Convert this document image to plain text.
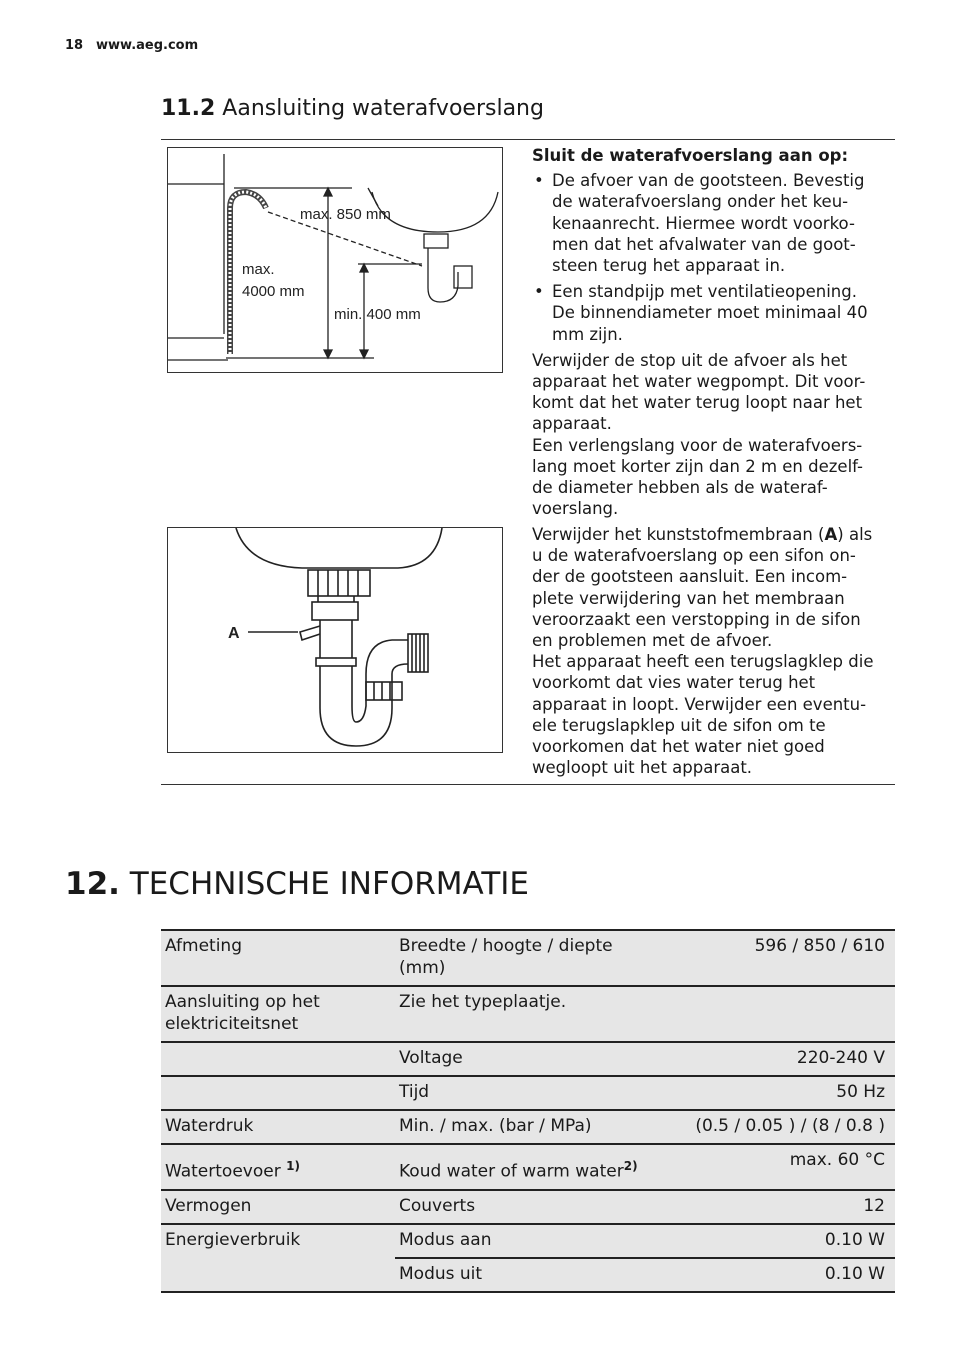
18 www.aeg.com
11.2 Aansluiting waterafvoerslang
max. 850 mm
max.
4000 mm
min. 400 mm

Sluit de waterafvoerslang aan op:

• De afvoer van de gootsteen. Bevestig de waterafvoerslang onder het keu-kenaanrecht. Hiermee wordt voorko-men dat het afvalwater van de goot-steen terug het apparaat in.
• Een standpijp met ventilatieopening. De binnendiameter moet minimaal 40 mm zijn.

Verwijder de stop uit de afvoer als het apparaat het water wegpompt. Dit voor-komt dat het water terug loopt naar het apparaat.

Een verlengslang voor de waterafvoers-lang moet korter zijn dan 2 m en dezelf-de diameter hebben als de wateraf-voerslang.

A

Verwijder het kunststofmembraan (A) als u de waterafvoerslang op een sifon on-der de gootsteen aansluit. Een incom-plete verwijdering van het membraan veroorzaakt een verstopping in de sifon en problemen met de afvoer.

Het apparaat heeft een terugslagklep die voorkomt dat vies water terug het apparaat in loopt. Verwijder een eventu-ele terugslapklep uit de sifon om te voorkomen dat het water niet goed wegloopt uit het apparaat.

12. TECHNISCHE INFORMATIE
Afmeting	Breedte / hoogte / diepte (mm)	596 / 850 / 610
Aansluiting op het elektriciteitsnet	Zie het typeplaatje.	
	Voltage	220-240 V
	Tijd	50 Hz
Waterdruk	Min. / max. (bar / MPa)	(0.5 / 0.05 ) / (8 / 0.8 )
Watertoevoer $^{1)}$	Koud water of warm water$^{2)}$	max. 60 °C
Vermogen	Couverts	12
Energieverbruik	Modus aan	0.10 W
	Modus uit	0.10 W
